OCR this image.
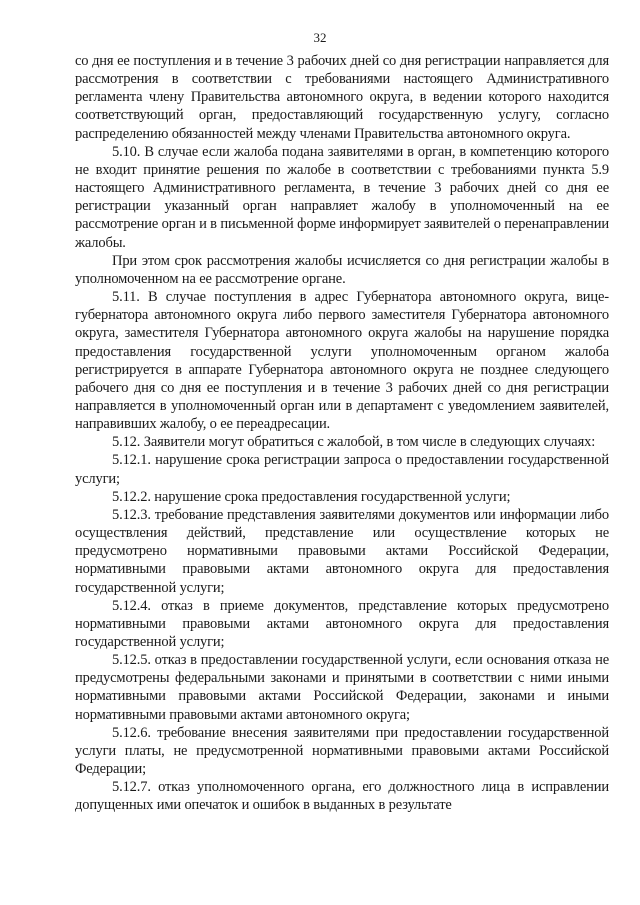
32

со дня ее поступления и в течение 3 рабочих дней со дня регистрации направляется для рассмотрения в соответствии с требованиями настоящего Административного регламента члену Правительства автономного округа, в ведении которого находится соответствующий орган, предоставляющий государственную услугу, согласно распределению обязанностей между членами Правительства автономного округа.

5.10. В случае если жалоба подана заявителями в орган, в компетенцию которого не входит принятие решения по жалобе в соответствии с требованиями пункта 5.9 настоящего Административного регламента, в течение 3 рабочих дней со дня ее регистрации указанный орган направляет жалобу в уполномоченный на ее рассмотрение орган и в письменной форме информирует заявителей о перенаправлении жалобы.

При этом срок рассмотрения жалобы исчисляется со дня регистрации жалобы в уполномоченном на ее рассмотрение органе.

5.11. В случае поступления в адрес Губернатора автономного округа, вице-губернатора автономного округа либо первого заместителя Губернатора автономного округа, заместителя Губернатора автономного округа жалобы на нарушение порядка предоставления государственной услуги уполномоченным органом жалоба регистрируется в аппарате Губернатора автономного округа не позднее следующего рабочего дня со дня ее поступления и в течение 3 рабочих дней со дня регистрации направляется в уполномоченный орган или в департамент с уведомлением заявителей, направивших жалобу, о ее переадресации.

5.12. Заявители могут обратиться с жалобой, в том числе в следующих случаях:

5.12.1. нарушение срока регистрации запроса о предоставлении государственной услуги;

5.12.2. нарушение срока предоставления государственной услуги;

5.12.3. требование представления заявителями документов или информации либо осуществления действий, представление или осуществление которых не предусмотрено нормативными правовыми актами Российской Федерации, нормативными правовыми актами автономного округа для предоставления государственной услуги;

5.12.4. отказ в приеме документов, представление которых предусмотрено нормативными правовыми актами автономного округа для предоставления государственной услуги;

5.12.5. отказ в предоставлении государственной услуги, если основания отказа не предусмотрены федеральными законами и принятыми в соответствии с ними иными нормативными правовыми актами Российской Федерации, законами и иными нормативными правовыми актами автономного округа;

5.12.6. требование внесения заявителями при предоставлении государственной услуги платы, не предусмотренной нормативными правовыми актами Российской Федерации;

5.12.7. отказ уполномоченного органа, его должностного лица в исправлении допущенных ими опечаток и ошибок в выданных в результате
